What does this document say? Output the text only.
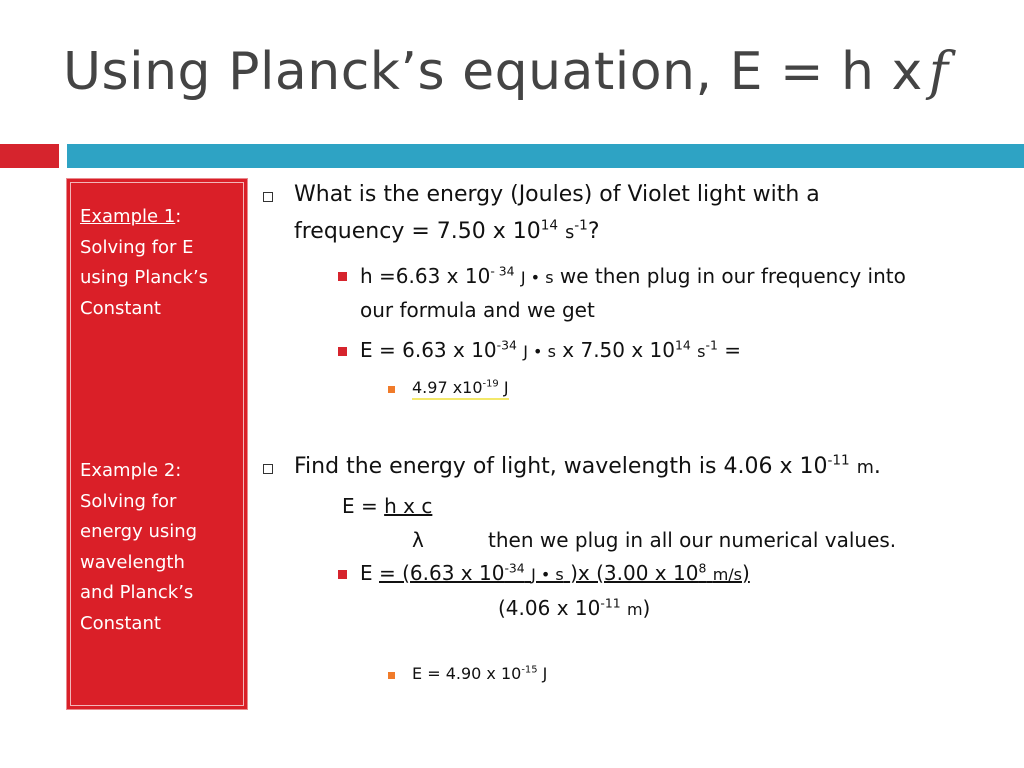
Using Planck’s equation, E = h x f
Example 1:
Solving for E
using Planck’s
Constant
Example 2:
Solving for
energy using
wavelength
and Planck’s
Constant
What is the energy (Joules) of Violet light with a
frequency = 7.50 x $10^{14}$ $s^{-1}$?
h =6.63 x $10^{- 34}$ J • s we then plug in our frequency into
our formula and we get
E = 6.63 x $10^{-34}$ J • s x 7.50 x $10^{14}$ $s^{-1}$ =
4.97 $x10^{-19}$ J
Find the energy of light, wavelength is 4.06 x $10^{-11}$ m.
E = h x c
λ	then we plug in all our numerical values.
E = (6.63 x $10^{-34}$ J • s )x (3.00 x $10^8$ m/s)
(4.06 x $10^{-11}$ m)
E = 4.90 x $10^{-15}$ J
